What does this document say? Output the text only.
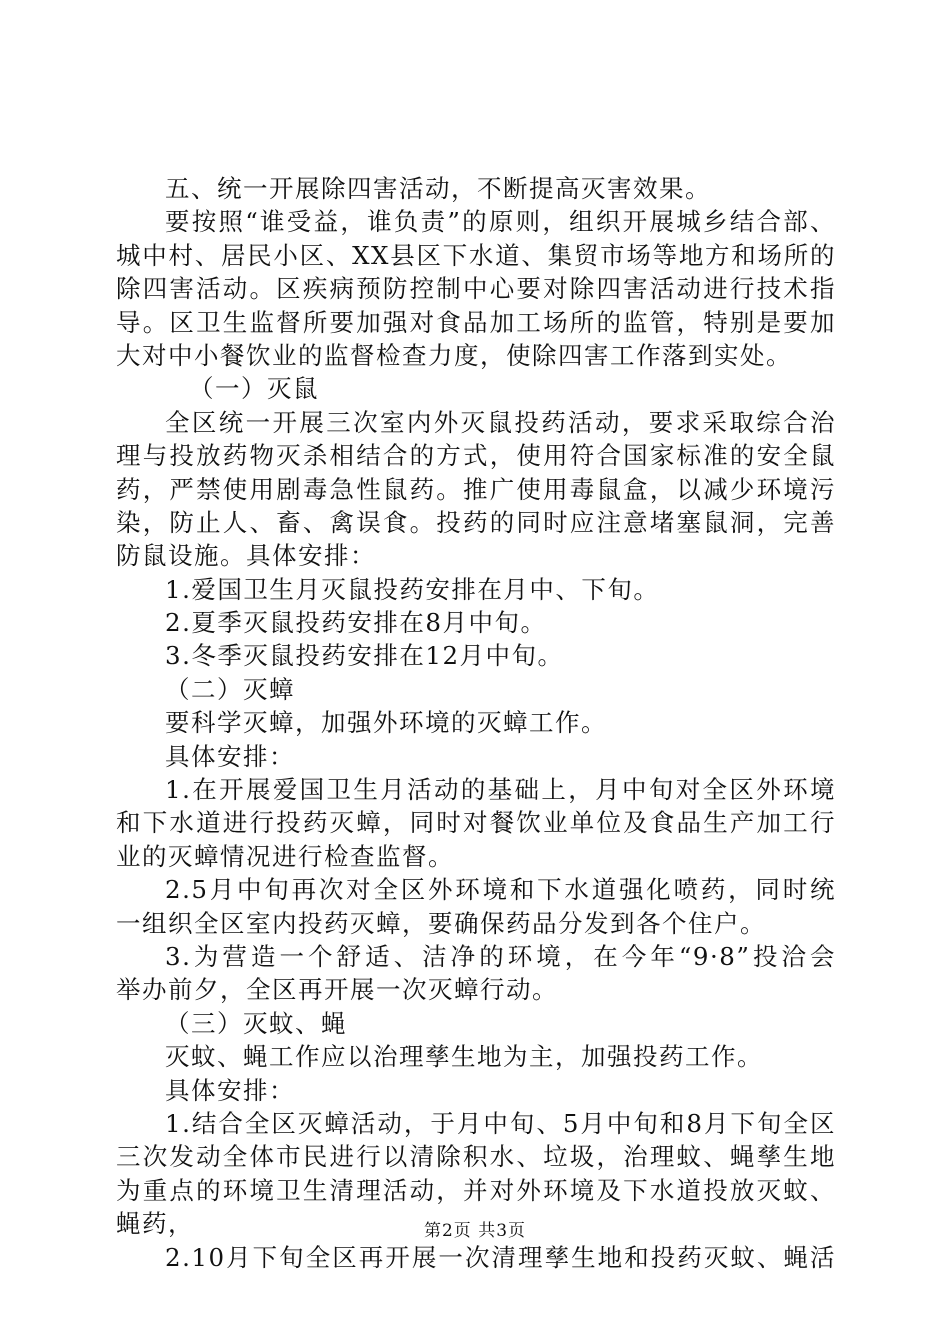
五、统一开展除四害活动，不断提高灭害效果。
要按照“谁受益，谁负责”的原则，组织开展城乡结合部、
城中村、居民小区、XX县区下水道、集贸市场等地方和场所的
除四害活动。区疾病预防控制中心要对除四害活动进行技术指
导。区卫生监督所要加强对食品加工场所的监管，特别是要加
大对中小餐饮业的监督检查力度，使除四害工作落到实处。
（一）灭鼠
全区统一开展三次室内外灭鼠投药活动，要求采取综合治
理与投放药物灭杀相结合的方式，使用符合国家标准的安全鼠
药，严禁使用剧毒急性鼠药。推广使用毒鼠盒，以减少环境污
染，防止人、畜、禽误食。投药的同时应注意堵塞鼠洞，完善
防鼠设施。具体安排：
1.爱国卫生月灭鼠投药安排在月中、下旬。
2.夏季灭鼠投药安排在8月中旬。
3.冬季灭鼠投药安排在12月中旬。
（二）灭蟑
要科学灭蟑，加强外环境的灭蟑工作。
具体安排：
1.在开展爱国卫生月活动的基础上，月中旬对全区外环境
和下水道进行投药灭蟑，同时对餐饮业单位及食品生产加工行
业的灭蟑情况进行检查监督。
2.5月中旬再次对全区外环境和下水道强化喷药，同时统
一组织全区室内投药灭蟑，要确保药品分发到各个住户。
3.为营造一个舒适、洁净的环境，在今年“9·8”投洽会
举办前夕，全区再开展一次灭蟑行动。
（三）灭蚊、蝇
灭蚊、蝇工作应以治理孳生地为主，加强投药工作。
具体安排：
1.结合全区灭蟑活动，于月中旬、5月中旬和8月下旬全区
三次发动全体市民进行以清除积水、垃圾，治理蚊、蝇孳生地
为重点的环境卫生清理活动，并对外环境及下水道投放灭蚊、
蝇药，
2.10月下旬全区再开展一次清理孳生地和投药灭蚊、蝇活
第2页 共3页
